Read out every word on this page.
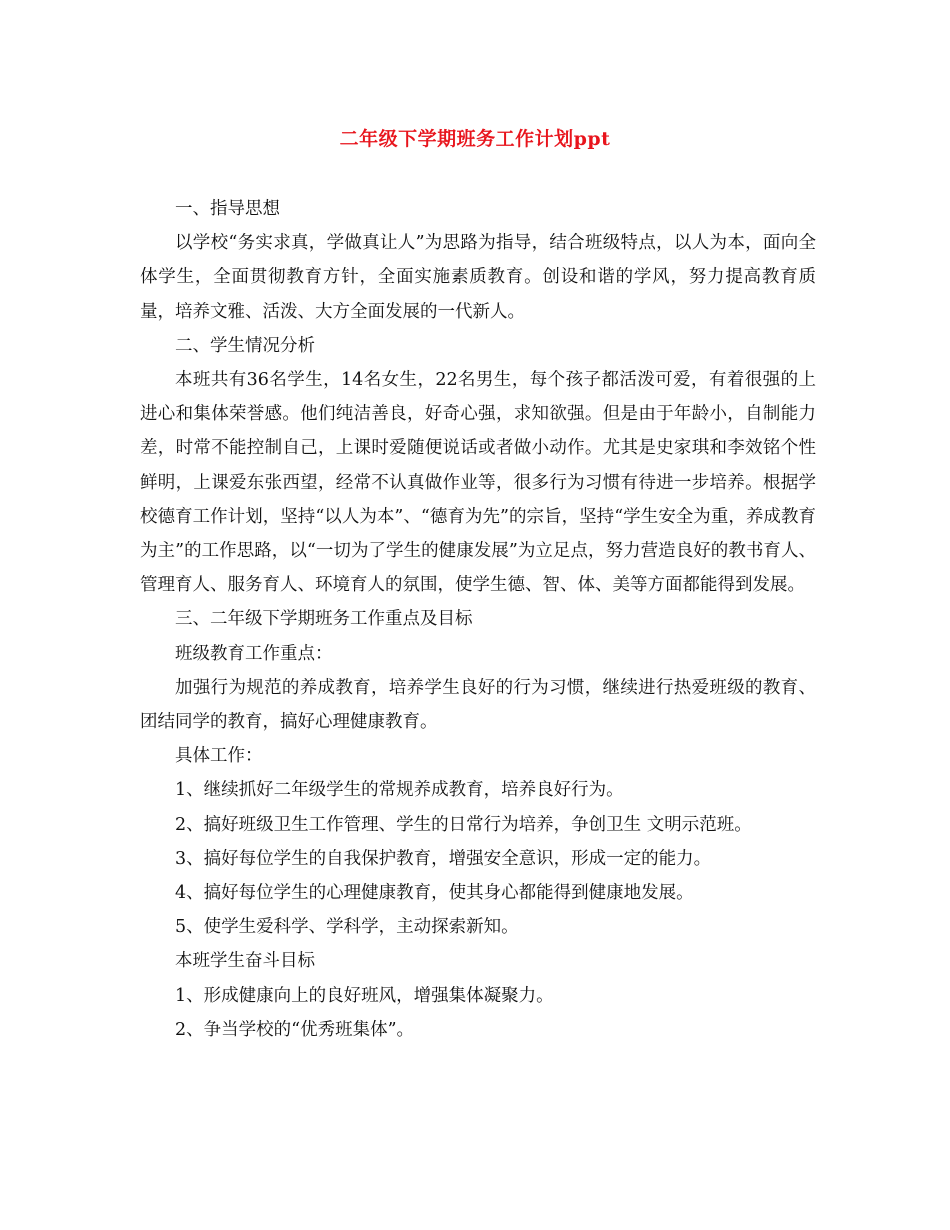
二年级下学期班务工作计划ppt

一、指导思想

以学校“务实求真，学做真让人”为思路为指导，结合班级特点，以人为本，面向全体学生，全面贯彻教育方针，全面实施素质教育。创设和谐的学风，努力提高教育质量，培养文雅、活泼、大方全面发展的一代新人。

二、学生情况分析

本班共有36名学生，14名女生，22名男生，每个孩子都活泼可爱，有着很强的上进心和集体荣誉感。他们纯洁善良，好奇心强，求知欲强。但是由于年龄小，自制能力差，时常不能控制自己，上课时爱随便说话或者做小动作。尤其是史家琪和李效铭个性鲜明，上课爱东张西望，经常不认真做作业等，很多行为习惯有待进一步培养。根据学校德育工作计划，坚持“以人为本”、“德育为先”的宗旨，坚持“学生安全为重，养成教育为主”的工作思路，以“一切为了学生的健康发展”为立足点，努力营造良好的教书育人、管理育人、服务育人、环境育人的氛围，使学生德、智、体、美等方面都能得到发展。

三、二年级下学期班务工作重点及目标

班级教育工作重点：

加强行为规范的养成教育，培养学生良好的行为习惯，继续进行热爱班级的教育、团结同学的教育，搞好心理健康教育。

具体工作：

1、继续抓好二年级学生的常规养成教育，培养良好行为。

2、搞好班级卫生工作管理、学生的日常行为培养，争创卫生 文明示范班。

3、搞好每位学生的自我保护教育，增强安全意识，形成一定的能力。

4、搞好每位学生的心理健康教育，使其身心都能得到健康地发展。

5、使学生爱科学、学科学，主动探索新知。

本班学生奋斗目标

1、形成健康向上的良好班风，增强集体凝聚力。

2、争当学校的“优秀班集体”。
